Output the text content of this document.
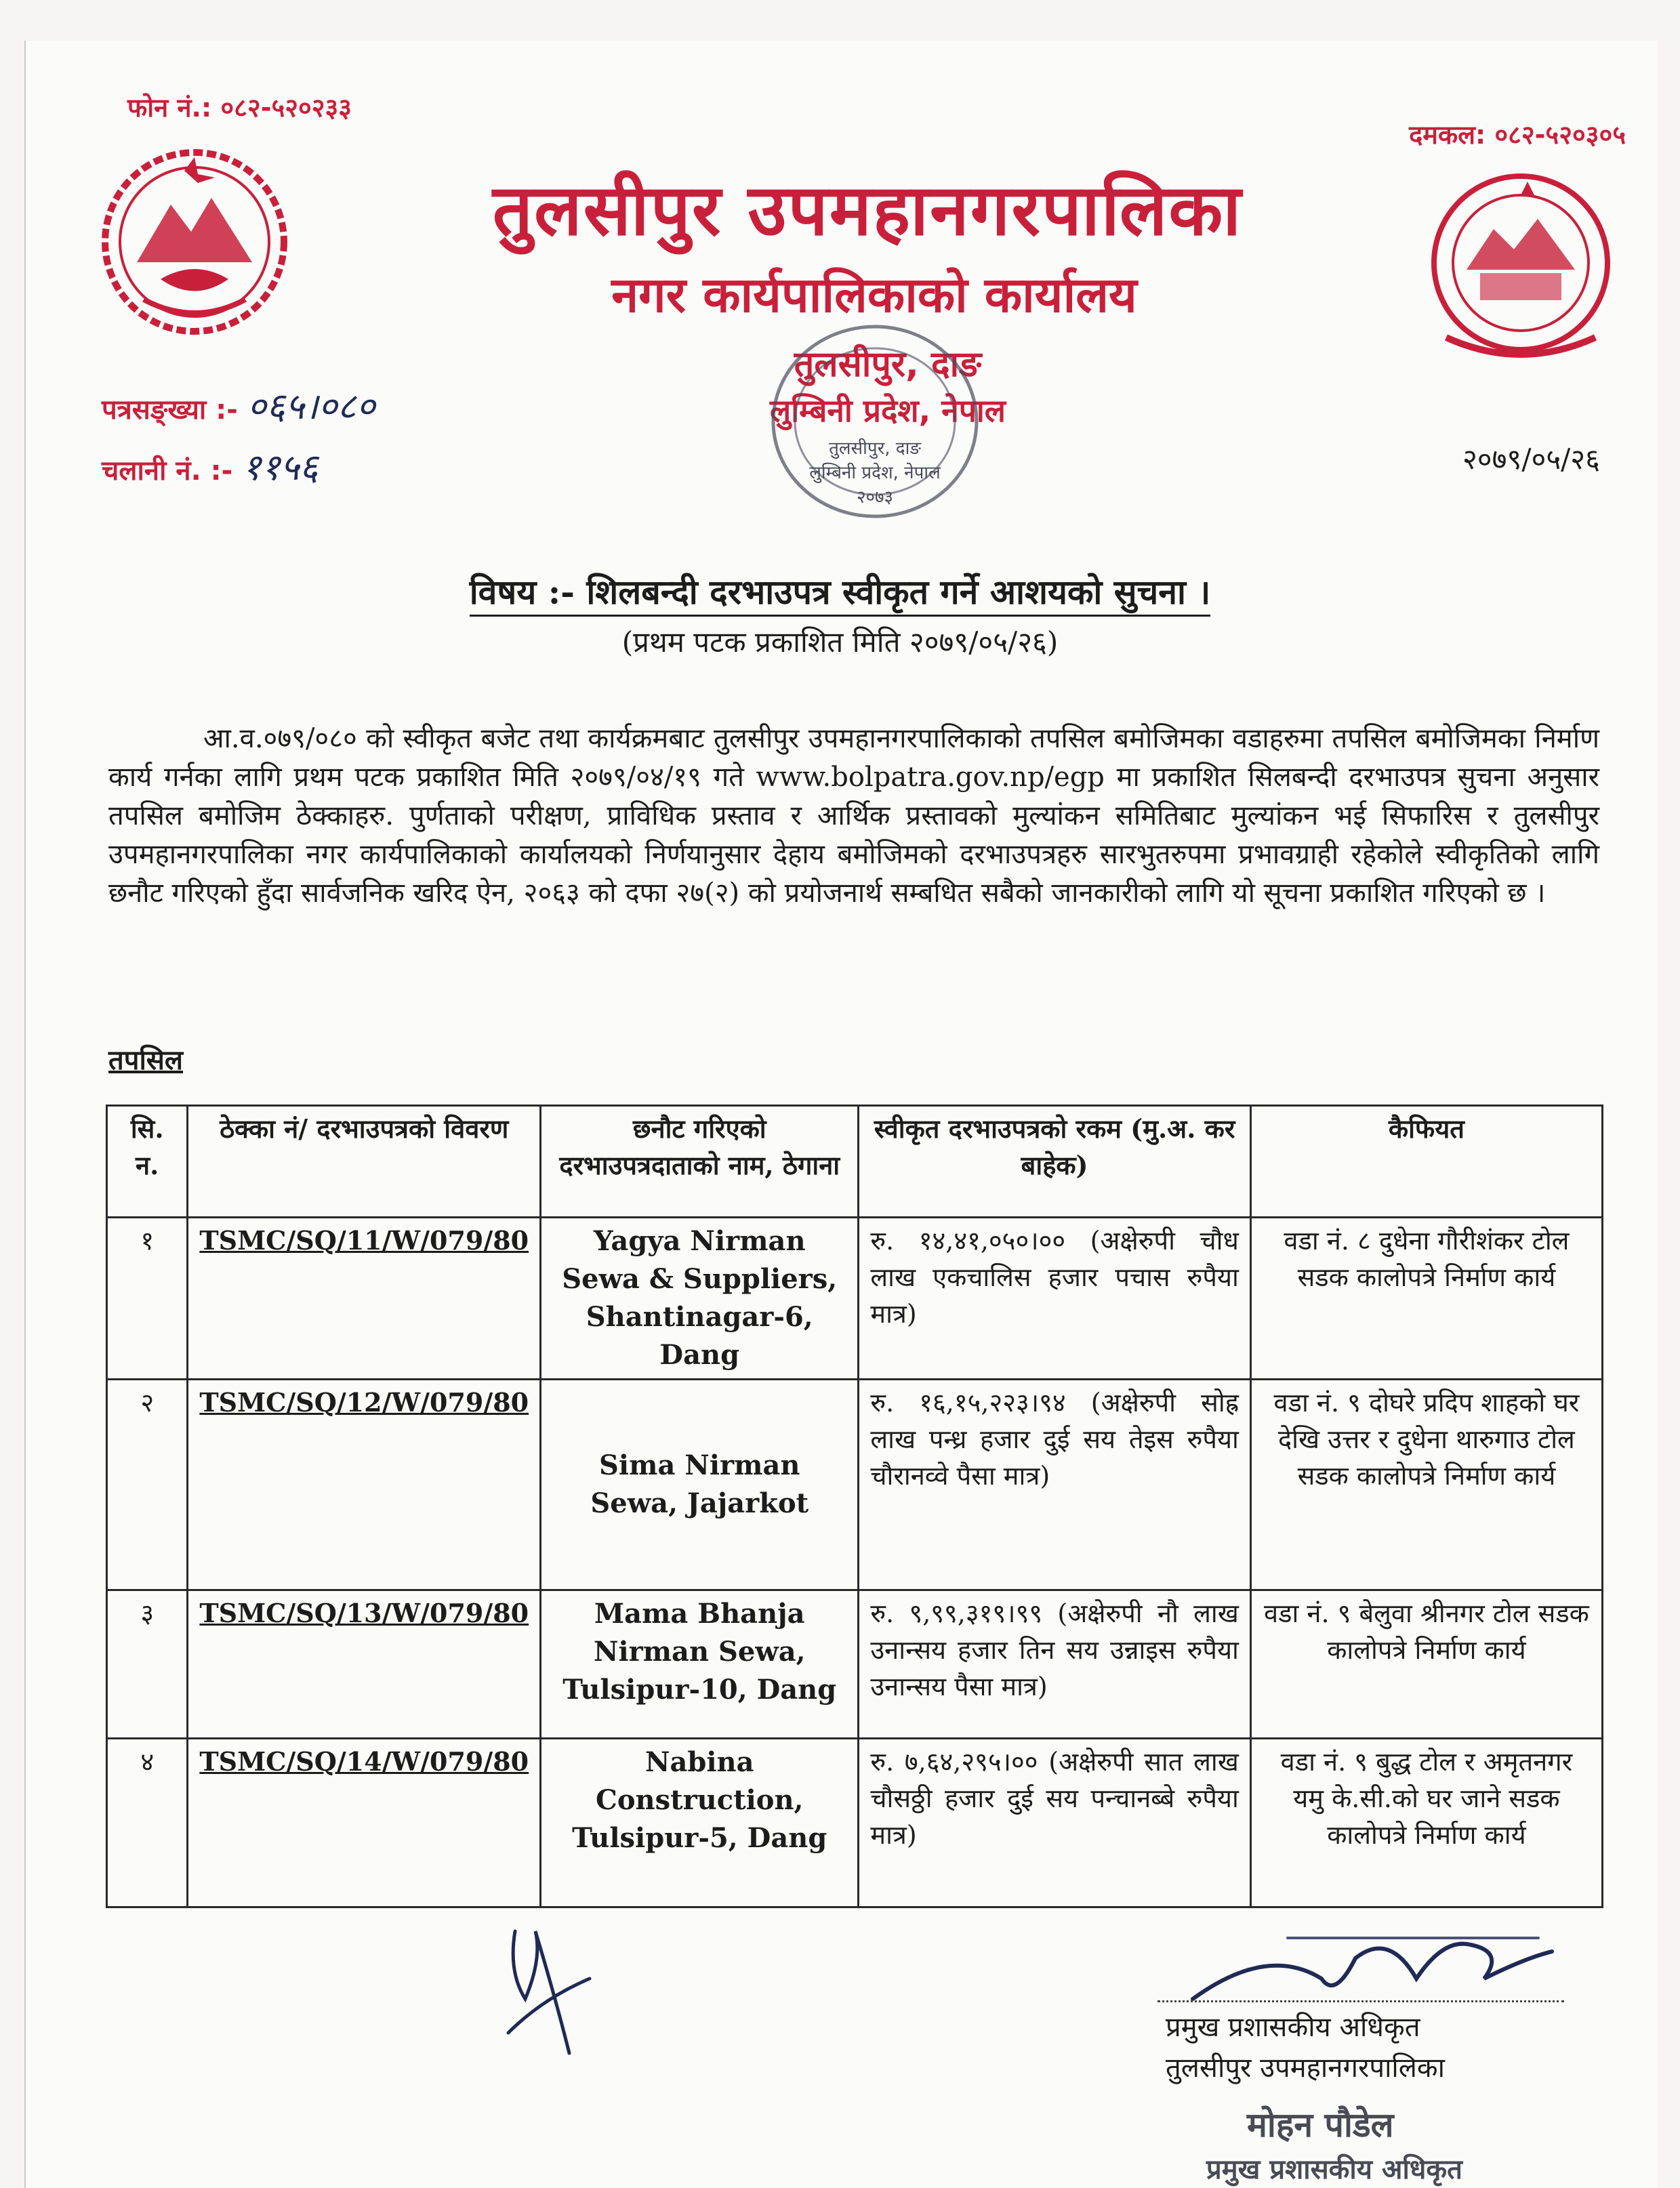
फोन नं.: ०८२-५२०२३३
दमकल: ०८२-५२०३०५
तुलसीपुर उपमहानगरपालिका
नगर कार्यपालिकाको कार्यालय
तुलसीपुर, दाङ
लुम्बिनी प्रदेश, नेपाल
तुलसीपुर, दाङ
लुम्बिनी प्रदेश, नेपाल
२०७३
पत्रसङ्ख्या :- ०६५।०८०
चलानी नं. :- ११५६	२०७९/०५/२६
विषय :- शिलबन्दी दरभाउपत्र स्वीकृत गर्ने आशयको सुचना ।
(प्रथम पटक प्रकाशित मिति २०७९/०५/२६)

आ.व.०७९/०८० को स्वीकृत बजेट तथा कार्यक्रमबाट तुलसीपुर उपमहानगरपालिकाको तपसिल बमोजिमका वडाहरुमा तपसिल बमोजिमका निर्माण कार्य गर्नका लागि प्रथम पटक प्रकाशित मिति २०७९/०४/१९ गते www.bolpatra.gov.np/egp मा प्रकाशित सिलबन्दी दरभाउपत्र सुचना अनुसार तपसिल बमोजिम ठेक्काहरु. पुर्णताको परीक्षण, प्राविधिक प्रस्ताव र आर्थिक प्रस्तावको मुल्यांकन समितिबाट मुल्यांकन भई सिफारिस र तुलसीपुर उपमहानगरपालिका नगर कार्यपालिकाको कार्यालयको निर्णयानुसार देहाय बमोजिमको दरभाउपत्रहरु सारभुतरुपमा प्रभावग्राही रहेकोले स्वीकृतिको लागि छनौट गरिएको हुँदा सार्वजनिक खरिद ऐन, २०६३ को दफा २७(२) को प्रयोजनार्थ सम्बधित सबैको जानकारीको लागि यो सूचना प्रकाशित गरिएको छ ।

तपसिल
सि. न.	ठेक्का नं/ दरभाउपत्रको विवरण	छनौट गरिएको दरभाउपत्रदाताको नाम, ठेगाना	स्वीकृत दरभाउपत्रको रकम (मु.अ. कर बाहेक)	कैफियत
१	TSMC/SQ/11/W/079/80	Yagya Nirman Sewa & Suppliers, Shantinagar-6, Dang	रु. १४,४१,०५०।०० (अक्षेरुपी चौध लाख एकचालिस हजार पचास रुपैया मात्र)	वडा नं. ८ दुधेना गौरीशंकर टोल सडक कालोपत्रे निर्माण कार्य
२	TSMC/SQ/12/W/079/80	Sima Nirman Sewa, Jajarkot	रु. १६,१५,२२३।९४ (अक्षेरुपी सोह्र लाख पन्ध्र हजार दुई सय तेइस रुपैया चौरानव्वे पैसा मात्र)	वडा नं. ९ दोघरे प्रदिप शाहको घर देखि उत्तर र दुधेना थारुगाउ टोल सडक कालोपत्रे निर्माण कार्य
३	TSMC/SQ/13/W/079/80	Mama Bhanja Nirman Sewa, Tulsipur-10, Dang	रु. ९,९९,३१९।९९ (अक्षेरुपी नौ लाख उनान्सय हजार तिन सय उन्नाइस रुपैया उनान्सय पैसा मात्र)	वडा नं. ९ बेलुवा श्रीनगर टोल सडक कालोपत्रे निर्माण कार्य
४	TSMC/SQ/14/W/079/80	Nabina Construction, Tulsipur-5, Dang	रु. ७,६४,२९५।०० (अक्षेरुपी सात लाख चौसठ्ठी हजार दुई सय पन्चानब्बे रुपैया मात्र)	वडा नं. ९ बुद्ध टोल र अमृतनगर यमु के.सी.को घर जाने सडक कालोपत्रे निर्माण कार्य
प्रमुख प्रशासकीय अधिकृत
तुलसीपुर उपमहानगरपालिका
मोहन पौडेल
प्रमुख प्रशासकीय अधिकृत
